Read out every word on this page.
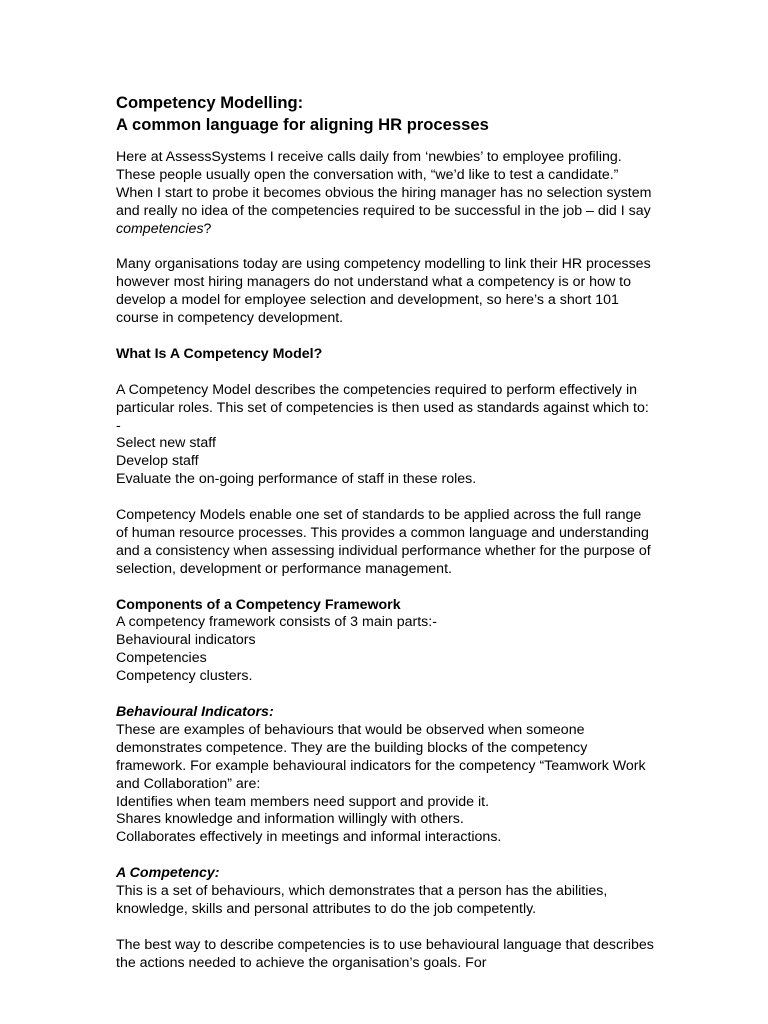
Competency Modelling:
A common language for aligning HR processes

Here at AssessSystems I receive calls daily from ‘newbies’ to employee profiling. These people usually open the conversation with, “we’d like to test a candidate.” When I start to probe it becomes obvious the hiring manager has no selection system and really no idea of the competencies required to be successful in the job – did I say competencies?

Many organisations today are using competency modelling to link their HR processes however most hiring managers do not understand what a competency is or how to develop a model for employee selection and development, so here’s a short 101 course in competency development.

What Is A Competency Model?

A Competency Model describes the competencies required to perform effectively in particular roles. This set of competencies is then used as standards against which to: -
Select new staff
Develop staff
Evaluate the on-going performance of staff in these roles.

Competency Models enable one set of standards to be applied across the full range of human resource processes. This provides a common language and understanding and a consistency when assessing individual performance whether for the purpose of selection, development or performance management.

Components of a Competency Framework
A competency framework consists of 3 main parts:-
Behavioural indicators
Competencies
Competency clusters.

Behavioural Indicators:
These are examples of behaviours that would be observed when someone demonstrates competence. They are the building blocks of the competency framework. For example behavioural indicators for the competency “Teamwork Work and Collaboration” are:
Identifies when team members need support and provide it.
Shares knowledge and information willingly with others.
Collaborates effectively in meetings and informal interactions.

A Competency:
This is a set of behaviours, which demonstrates that a person has the abilities, knowledge, skills and personal attributes to do the job competently.

The best way to describe competencies is to use behavioural language that describes the actions needed to achieve the organisation’s goals. For
